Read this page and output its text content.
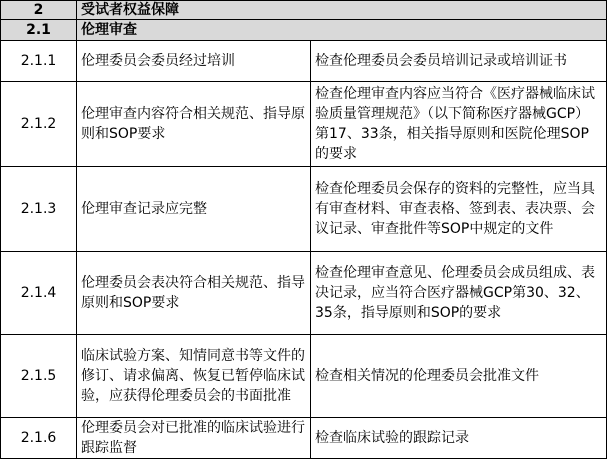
2	受试者权益保障	
2.1	伦理审查	
2.1.1	伦理委员会委员经过培训	检查伦理委员会委员培训记录或培训证书
2.1.2	伦理审查内容符合相关规范、指导原则和SOP要求	检查伦理审查内容应当符合《医疗器械临床试验质量管理规范》（以下简称医疗器械GCP）第17、33条，相关指导原则和医院伦理SOP的要求
2.1.3	伦理审查记录应完整	检查伦理委员会保存的资料的完整性，应当具有审查材料、审查表格、签到表、表决票、会议记录、审查批件等SOP中规定的文件
2.1.4	伦理委员会表决符合相关规范、指导原则和SOP要求	检查伦理审查意见、伦理委员会成员组成、表决记录，应当符合医疗器械GCP第30、32、35条，指导原则和SOP的要求
2.1.5	临床试验方案、知情同意书等文件的修订、请求偏离、恢复已暂停临床试验，应获得伦理委员会的书面批准	检查相关情况的伦理委员会批准文件
2.1.6	伦理委员会对已批准的临床试验进行跟踪监督	检查临床试验的跟踪记录
